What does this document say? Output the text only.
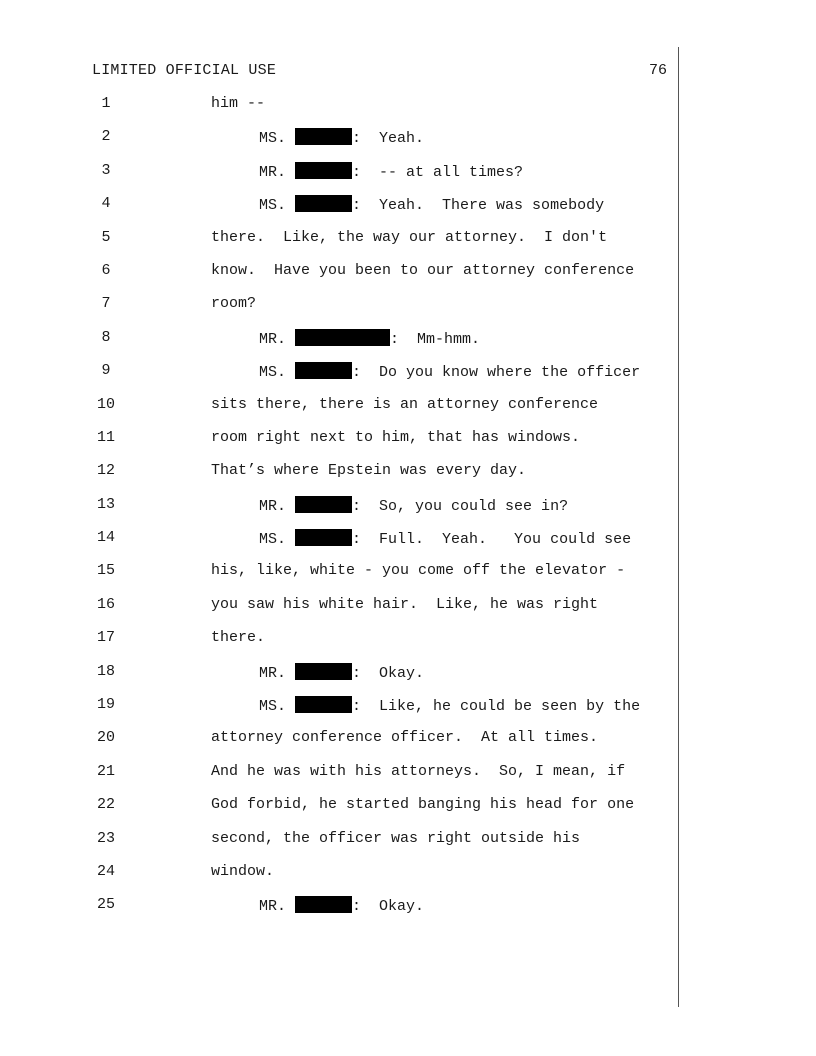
LIMITED OFFICIAL USE	76
1	him --
2	MS.	:  Yeah.
3	MR.	:  -- at all times?
4	MS.	:  Yeah.  There was somebody
5	there.  Like, the way our attorney.  I don't
6	know.  Have you been to our attorney conference
7	room?
8	MR.	:  Mm-hmm.
9	MS.	:  Do you know where the officer
10	sits there, there is an attorney conference
11	room right next to him, that has windows.
12	That’s where Epstein was every day.
13	MR.	:  So, you could see in?
14	MS.	:  Full.  Yeah.   You could see
15	his, like, white - you come off the elevator -
16	you saw his white hair.  Like, he was right
17	there.
18	MR.	:  Okay.
19	MS.	:  Like, he could be seen by the
20	attorney conference officer.  At all times.
21	And he was with his attorneys.  So, I mean, if
22	God forbid, he started banging his head for one
23	second, the officer was right outside his
24	window.
25	MR.	:  Okay.
